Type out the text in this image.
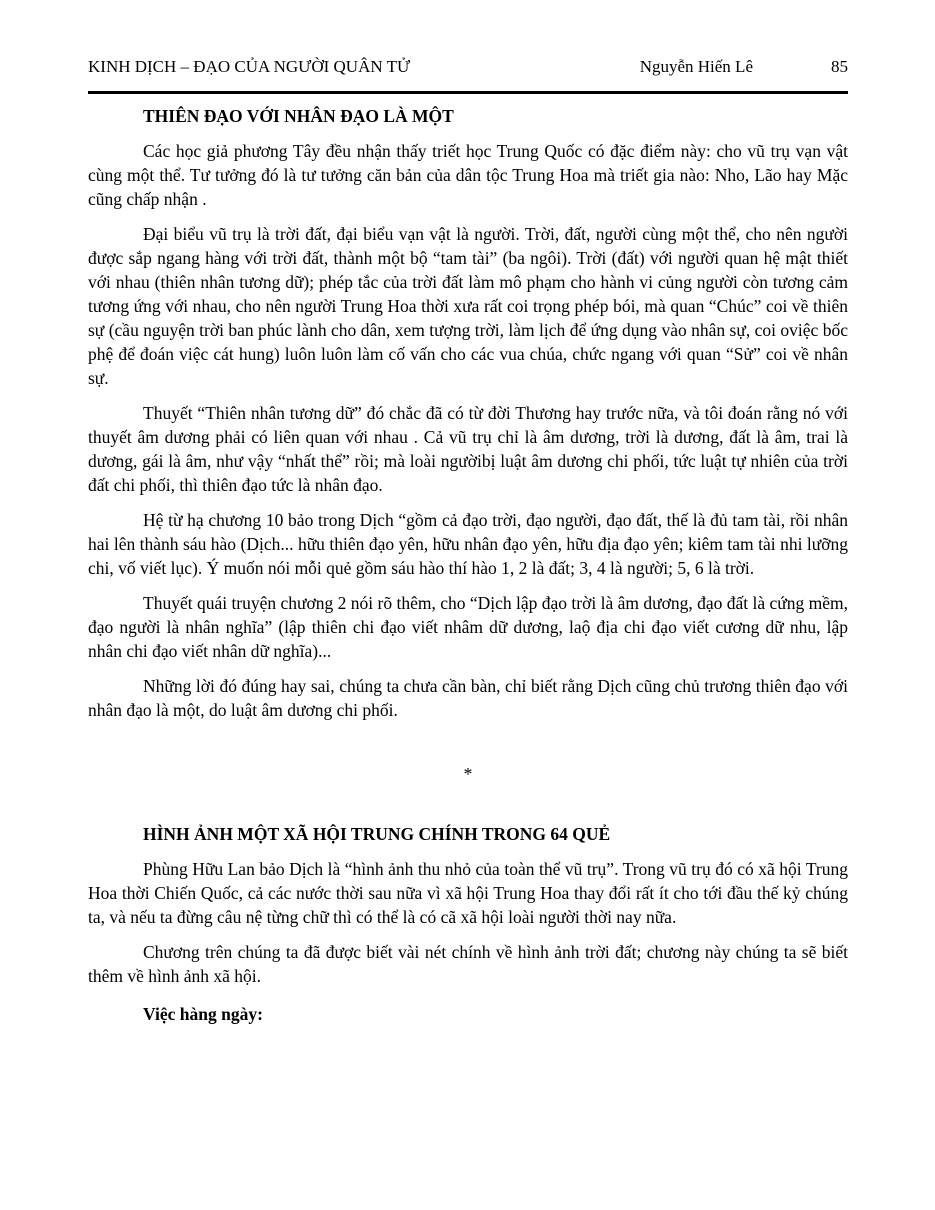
KINH DỊCH – ĐẠO CỦA NGƯỜI QUÂN TỬ	Nguyễn Hiến Lê	85
THIÊN ĐẠO VỚI NHÂN ĐẠO LÀ MỘT

Các học giả phương Tây đều nhận thấy triết học Trung Quốc có đặc điểm này: cho vũ trụ vạn vật cùng một thể. Tư tưởng đó là tư tưởng căn bản của dân tộc Trung Hoa mà triết gia nào: Nho, Lão hay Mặc cũng chấp nhận .

Đại biểu vũ trụ là trời đất, đại biểu vạn vật là người. Trời, đất, người cùng một thể, cho nên người được sắp ngang hàng với trời đất, thành một bộ “tam tài” (ba ngôi). Trời (đất) với người quan hệ mật thiết với nhau (thiên nhân tương dữ); phép tắc của trời đất làm mô phạm cho hành vi củng người còn tương cảm tương ứng với nhau, cho nên người Trung Hoa thời xưa rất coi trọng phép bói, mà quan “Chúc” coi về thiên sự (cầu nguyện trời ban phúc lành cho dân, xem tượng trời, làm lịch để ứng dụng vào nhân sự, coi oviệc bốc phệ để đoán việc cát hung) luôn luôn làm cố vấn cho các vua chúa, chức ngang với quan “Sử” coi về nhân sự.

Thuyết “Thiên nhân tương dữ” đó chắc đã có từ đời Thương hay trước nữa, và tôi đoán rằng nó với thuyết âm dương phải có liên quan với nhau . Cả vũ trụ chỉ là âm dương, trời là dương, đất là âm, trai là dương, gái là âm, như vậy “nhất thể” rồi; mà loài ngườibị luật âm dương chi phối, tức luật tự nhiên của trời đất chi phối, thì thiên đạo tức là nhân đạo.

Hệ từ hạ chương 10 bảo trong Dịch “gồm cả đạo trời, đạo người, đạo đất, thế là đủ tam tài, rồi nhân hai lên thành sáu hào (Dịch... hữu thiên đạo yên, hữu nhân đạo yên, hữu địa đạo yên; kiêm tam tài nhi lưỡng chi, vố viết lục). Ý muốn nói mỗi quẻ gồm sáu hào thí hào 1, 2 là đất; 3, 4 là người; 5, 6 là trời.

Thuyết quái truyện chương 2 nói rõ thêm, cho “Dịch lập đạo trời là âm dương, đạo đất là cứng mềm, đạo người là nhân nghĩa” (lập thiên chi đạo viết nhâm dữ dương, laộ địa chi đạo viết cương dữ nhu, lập nhân chi đạo viết nhân dữ nghĩa)...

Những lời đó đúng hay sai, chúng ta chưa cần bàn, chỉ biết rằng Dịch cũng chủ trương thiên đạo với nhân đạo là một, do luật âm dương chi phối.

*
HÌNH ẢNH MỘT XÃ HỘI TRUNG CHÍNH TRONG 64 QUẺ

Phùng Hữu Lan bảo Dịch là “hình ảnh thu nhỏ của toàn thể vũ trụ”. Trong vũ trụ đó có xã hội Trung Hoa thời Chiến Quốc, cả các nước thời sau nữa vì xã hội Trung Hoa thay đổi rất ít cho tới đầu thế kỷ chúng ta, và nếu ta đừng câu nệ từng chữ thì có thể là có cã xã hội loài người thời nay nữa.

Chương trên chúng ta đã được biết vài nét chính về hình ảnh trời đất; chương này chúng ta sẽ biết thêm về hình ảnh xã hội.

Việc hàng ngày:
